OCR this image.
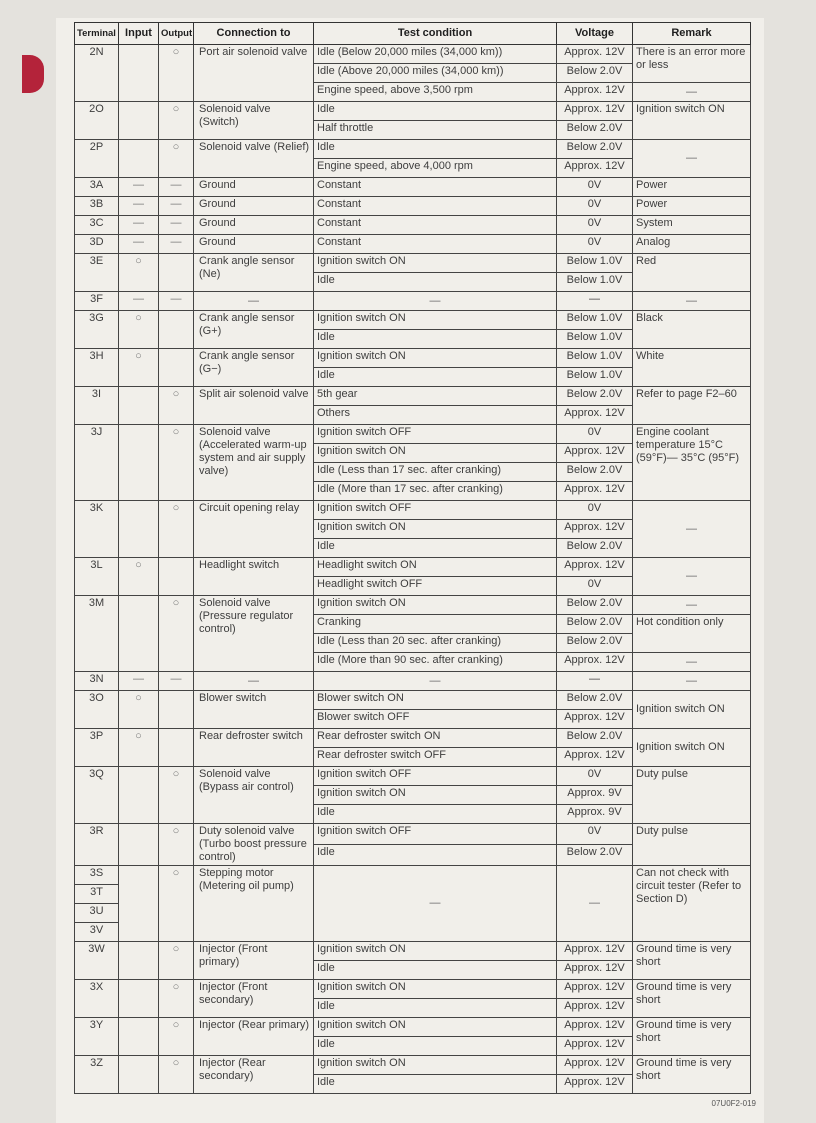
Terminal	Input	Output	Connection to	Test condition	Voltage	Remark
2N		○	Port air solenoid valve	Idle (Below 20,000 miles (34,000 km))	Approx. 12V	There is an error more or less
				Idle (Above 20,000 miles (34,000 km))	Below 2.0V	
				Engine speed, above 3,500 rpm	Approx. 12V	—
2O		○	Solenoid valve (Switch)	Idle	Approx. 12V	Ignition switch ON
				Half throttle	Below 2.0V	
2P		○	Solenoid valve (Relief)	Idle	Below 2.0V	—
				Engine speed, above 4,000 rpm	Approx. 12V	
3A	—	—	Ground	Constant	0V	Power
3B	—	—	Ground	Constant	0V	Power
3C	—	—	Ground	Constant	0V	System
3D	—	—	Ground	Constant	0V	Analog
3E	○		Crank angle sensor (Ne)	Ignition switch ON	Below 1.0V	Red
				Idle	Below 1.0V	
3F	—	—	—	—	—	—
3G	○		Crank angle sensor (G+)	Ignition switch ON	Below 1.0V	Black
				Idle	Below 1.0V	
3H	○		Crank angle sensor (G−)	Ignition switch ON	Below 1.0V	White
				Idle	Below 1.0V	
3I		○	Split air solenoid valve	5th gear	Below 2.0V	Refer to page F2–60
				Others	Approx. 12V	
3J		○	Solenoid valve (Accelerated warm-up system and air supply valve)	Ignition switch OFF	0V	Engine coolant temperature 15°C (59°F)— 35°C (95°F)
				Ignition switch ON	Approx. 12V	
				Idle (Less than 17 sec. after cranking)	Below 2.0V	
				Idle (More than 17 sec. after cranking)	Approx. 12V	
3K		○	Circuit opening relay	Ignition switch OFF	0V	—
				Ignition switch ON	Approx. 12V	
				Idle	Below 2.0V	
3L	○		Headlight switch	Headlight switch ON	Approx. 12V	—
				Headlight switch OFF	0V	
3M		○	Solenoid valve (Pressure regulator control)	Ignition switch ON	Below 2.0V	—
				Cranking	Below 2.0V	Hot condition only
				Idle (Less than 20 sec. after cranking)	Below 2.0V	
				Idle (More than 90 sec. after cranking)	Approx. 12V	—
3N	—	—	—	—	—	—
3O	○		Blower switch	Blower switch ON	Below 2.0V	Ignition switch ON
				Blower switch OFF	Approx. 12V	
3P	○		Rear defroster switch	Rear defroster switch ON	Below 2.0V	Ignition switch ON
				Rear defroster switch OFF	Approx. 12V	
3Q		○	Solenoid valve (Bypass air control)	Ignition switch OFF	0V	Duty pulse
				Ignition switch ON	Approx. 9V	
				Idle	Approx. 9V	
3R		○	Duty solenoid valve (Turbo boost pressure control)	Ignition switch OFF	0V	Duty pulse
				Idle	Below 2.0V	
3S		○	Stepping motor (Metering oil pump)	—	—	Can not check with circuit tester (Refer to Section D)
3T						
3U						
3V						
3W		○	Injector (Front primary)	Ignition switch ON	Approx. 12V	Ground time is very short
				Idle	Approx. 12V	
3X		○	Injector (Front secondary)	Ignition switch ON	Approx. 12V	Ground time is very short
				Idle	Approx. 12V	
3Y		○	Injector (Rear primary)	Ignition switch ON	Approx. 12V	Ground time is very short
				Idle	Approx. 12V	
3Z		○	Injector (Rear secondary)	Ignition switch ON	Approx. 12V	Ground time is very short
				Idle	Approx. 12V	
07U0F2-019
